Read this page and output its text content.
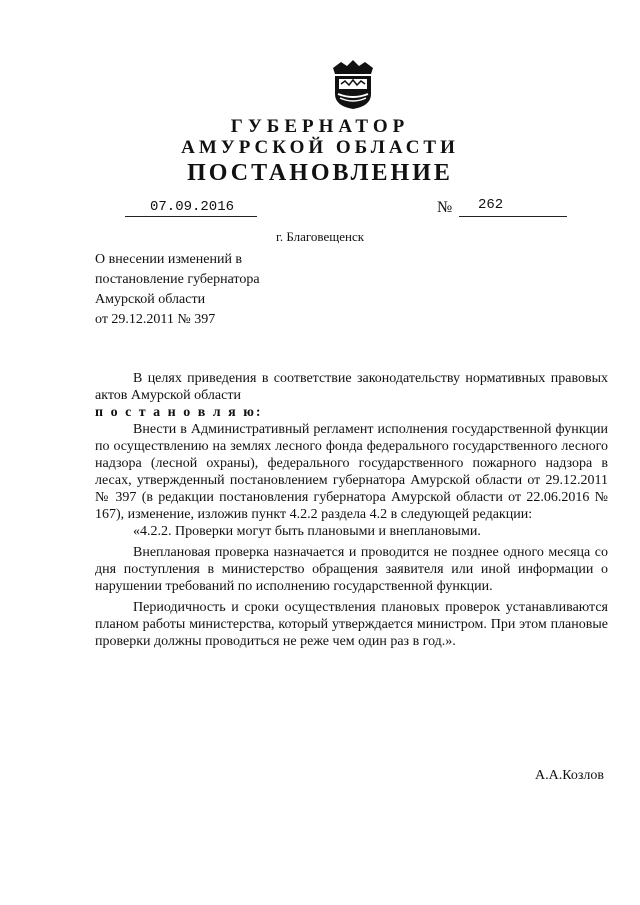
ГУБЕРНАТОР
АМУРСКОЙ ОБЛАСТИ
ПОСТАНОВЛЕНИЕ
07.09.2016	№ 262
г. Благовещенск
О внесении изменений в
постановление губернатора
Амурской области
от 29.12.2011 № 397

В целях приведения в соответствие законодательству нормативных правовых актов Амурской области

п о с т а н о в л я ю:

Внести в Административный регламент исполнения государственной функции по осуществлению на землях лесного фонда федерального государственного лесного надзора (лесной охраны), федерального государственного пожарного надзора в лесах, утвержденный постановлением губернатора Амурской области от 29.12.2011 № 397 (в редакции постановления губернатора Амурской области от 22.06.2016 № 167), изменение, изложив пункт 4.2.2 раздела 4.2 в следующей редакции:

«4.2.2. Проверки могут быть плановыми и внеплановыми.

Внеплановая проверка назначается и проводится не позднее одного месяца со дня поступления в министерство обращения заявителя или иной информации о нарушении требований по исполнению государственной функции.

Периодичность и сроки осуществления плановых проверок устанавливаются планом работы министерства, который утверждается министром. При этом плановые проверки должны проводиться не реже чем один раз в год.».

А.А.Козлов
